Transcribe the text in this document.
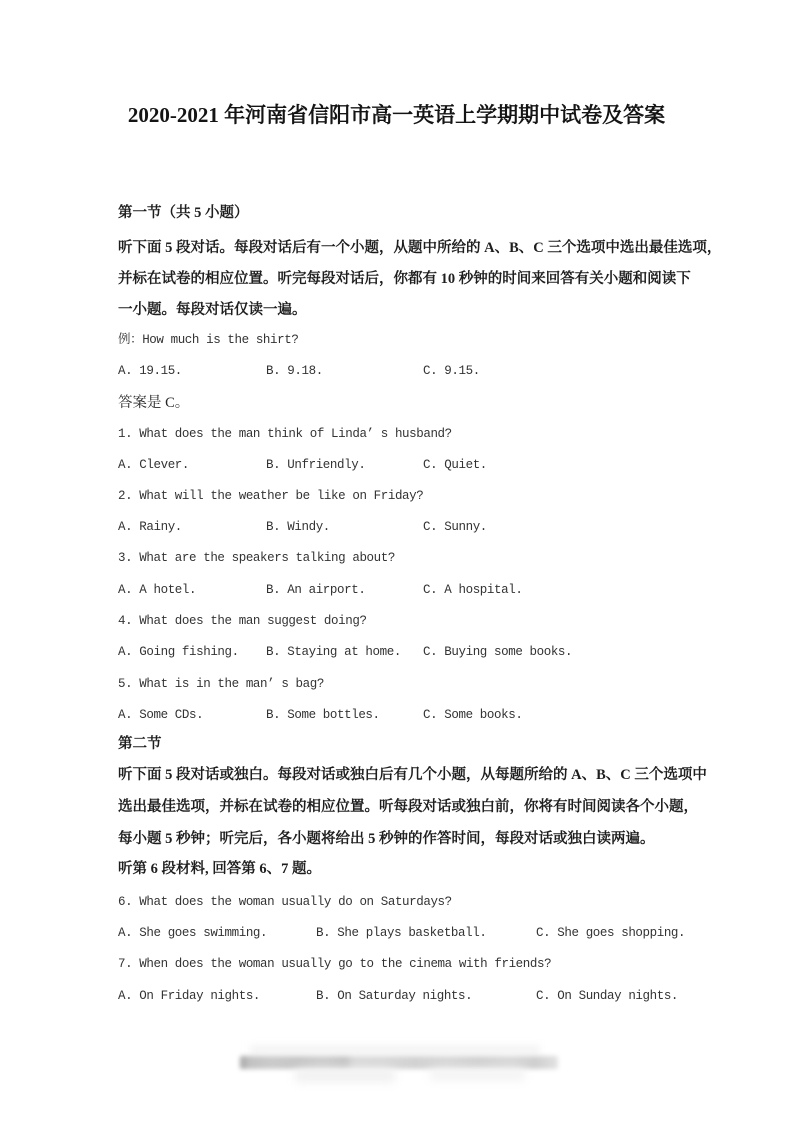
2020-2021 年河南省信阳市高一英语上学期期中试卷及答案
第一节（共 5 小题）
听下面 5 段对话。每段对话后有一个小题，从题中所给的 A、B、C 三个选项中选出最佳选项，
并标在试卷的相应位置。听完每段对话后，你都有 10 秒钟的时间来回答有关小题和阅读下
一小题。每段对话仅读一遍。
例：How much is the shirt?
A. 19.15.	B. 9.18.	C. 9.15.
答案是 C。
1. What does the man think of Linda’ s husband?
A. Clever.	B. Unfriendly.	C. Quiet.
2. What will the weather be like on Friday?
A. Rainy.	B. Windy.	C. Sunny.
3. What are the speakers talking about?
A. A hotel.	B. An airport.	C. A hospital.
4. What does the man suggest doing?
A. Going fishing.	B. Staying at home.	C. Buying some books.
5. What is in the man’ s bag?
A. Some CDs.	B. Some bottles.	C. Some books.
第二节
听下面 5 段对话或独白。每段对话或独白后有几个小题，从每题所给的 A、B、C 三个选项中
选出最佳选项，并标在试卷的相应位置。听每段对话或独白前，你将有时间阅读各个小题，
每小题 5 秒钟；听完后，各小题将给出 5 秒钟的作答时间，每段对话或独白读两遍。
听第 6 段材料, 回答第 6、7 题。
6. What does the woman usually do on Saturdays?
A. She goes swimming.	B. She plays basketball.	C. She goes shopping.
7. When does the woman usually go to the cinema with friends?
A. On Friday nights.	B. On Saturday nights.	C. On Sunday nights.
